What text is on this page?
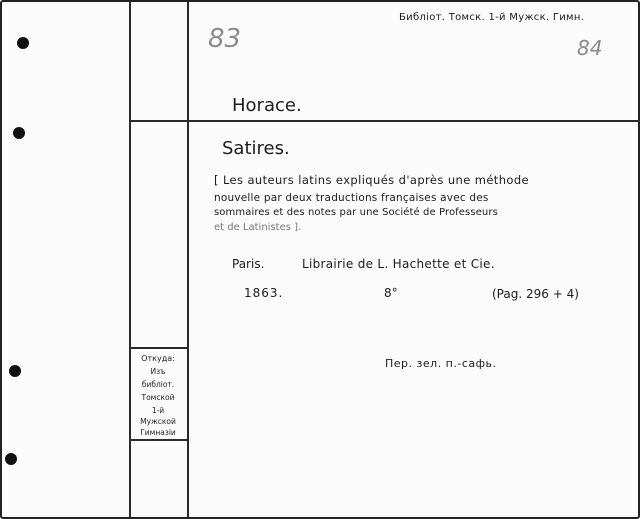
Библіот. Томск. 1-й Мужск. Гимн.
83	84
Horace.
Satires.
[ Les auteurs latins expliqués d'après une méthode
nouvelle par deux traductions françaises avec des
sommaires et des notes par une Société de Professeurs
et de Latinistes ].
Paris.	Librairie de L. Hachette et Cie.
1863.	8°	(Pag. 296 + 4)
Пер. зел. п.-сафь.
Откуда:
Изъ
библіот.
Томской
1-й
Мужской
Гимназіи
